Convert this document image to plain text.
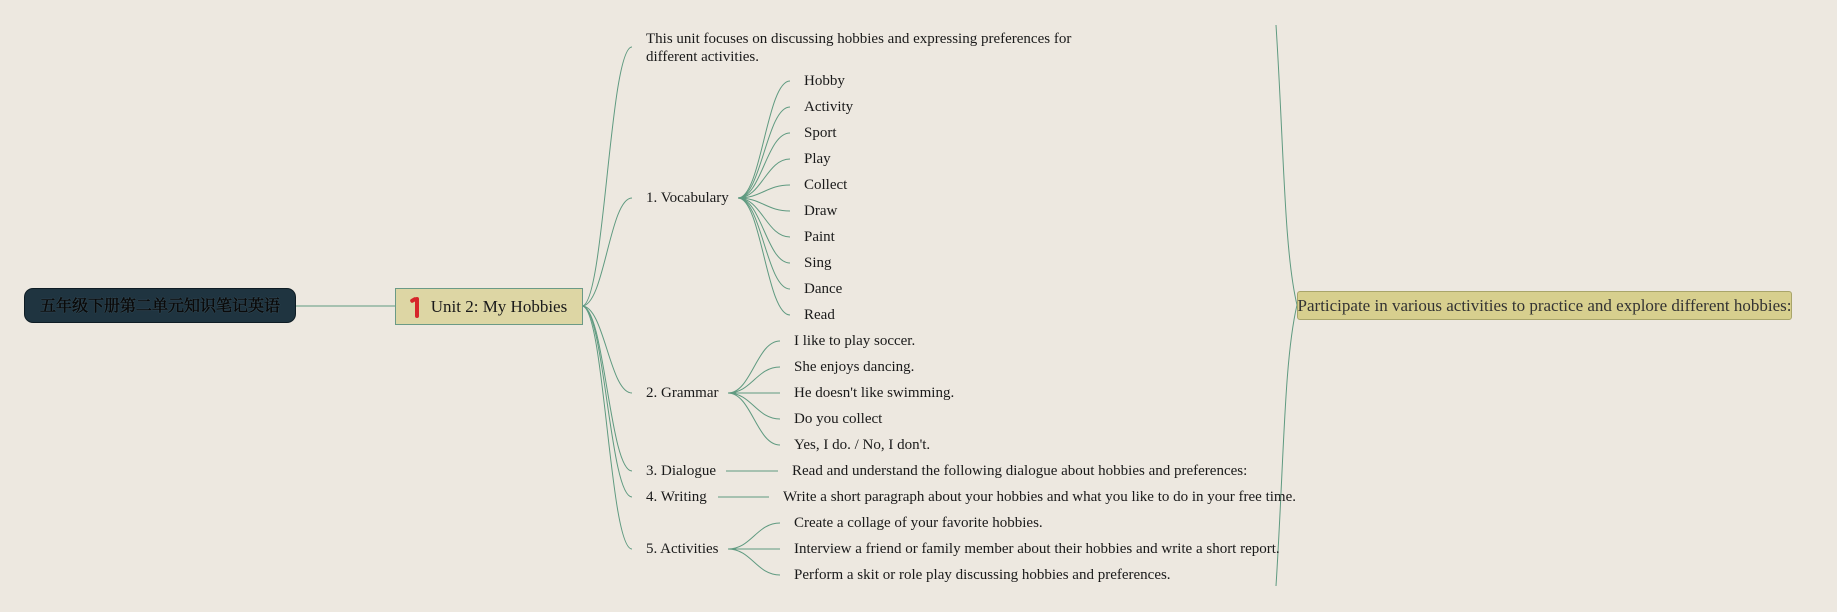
五年级下册第二单元知识笔记英语	Unit 2: My Hobbies	Participate in various activities to practice and explore different hobbies:
This unit focuses on discussing hobbies and expressing preferences for different activities.
1. Vocabulary
2. Grammar
3. Dialogue
4. Writing
5. Activities
Hobby
Activity
Sport
Play
Collect
Draw
Paint
Sing
Dance
Read
I like to play soccer.
She enjoys dancing.
He doesn't like swimming.
Do you collect
Yes, I do. / No, I don't.
Read and understand the following dialogue about hobbies and preferences:
Write a short paragraph about your hobbies and what you like to do in your free time.
Create a collage of your favorite hobbies.
Interview a friend or family member about their hobbies and write a short report.
Perform a skit or role play discussing hobbies and preferences.
